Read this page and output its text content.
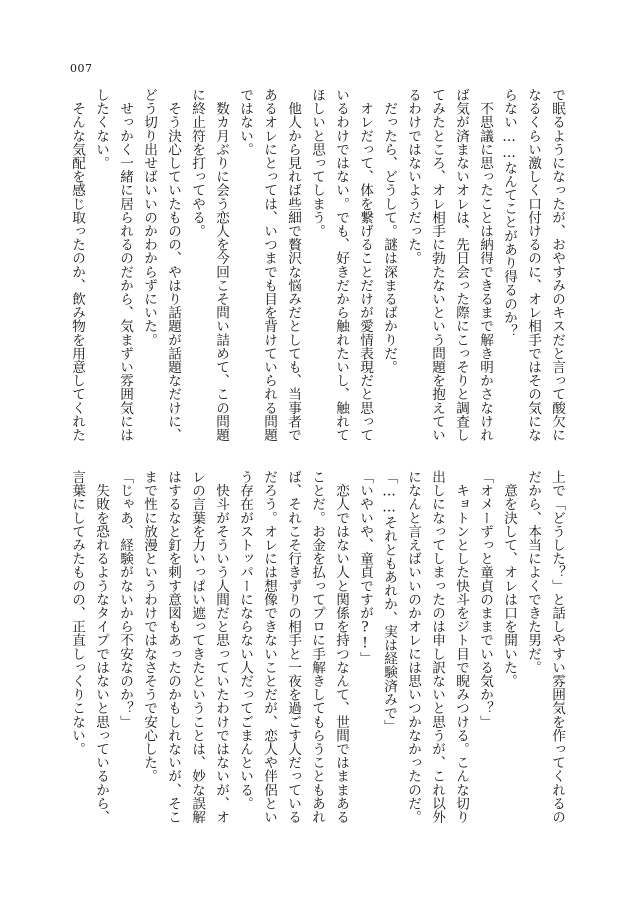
007
で眠るようになったが、おやすみのキスだと言って酸欠に
なるくらい激しく口付けるのに、オレ相手ではその気にな
らない……なんてことがあり得るのか？
　不思議に思ったことは納得できるまで解き明かさなけれ
ば気が済まないオレは、先日会った際にこっそりと調査し
てみたところ、オレ相手に勃たないという問題を抱えてい
るわけではないようだった。
　だったら、どうして。謎は深まるばかりだ。
　オレだって、体を繋げることだけが愛情表現だと思って
いるわけではない。でも、好きだから触れたいし、触れて
ほしいと思ってしまう。
　他人から見れば些細で贅沢な悩みだとしても、当事者で
あるオレにとっては、いつまでも目を背けていられる問題
ではない。
　数カ月ぶりに会う恋人を今回こそ問い詰めて、この問題
に終止符を打ってやる。
　そう決心していたものの、やはり話題が話題なだけに、
どう切り出せばいいのかわからずにいた。
　せっかく一緒に居られるのだから、気まずい雰囲気には
したくない。
　そんな気配を感じ取ったのか、飲み物を用意してくれた
上で「どうした？」と話しやすい雰囲気を作ってくれるの
だから、本当によくできた男だ。
　意を決して、オレは口を開いた。
「オメーずっと童貞のままでいる気か？」
　キョトンとした快斗をジト目で睨みつける。こんな切り
出しになってしまったのは申し訳ないと思うが、これ以外
になんと言えばいいのかオレには思いつかなかったのだ。
「……それともあれか、実は経験済みで」
「いやいや、童貞ですが?!」
　恋人ではない人と関係を持つなんて、世間ではままある
ことだ。お金を払ってプロに手解きしてもらうこともあれ
ば、それこそ行きずりの相手と一夜を過ごす人だっている
だろう。オレには想像できないことだが、恋人や伴侶とい
う存在がストッパーにならない人だってごまんといる。
　快斗がそういう人間だと思っていたわけではないが、オ
レの言葉を力いっぱい遮ってきたということは、妙な誤解
はするなと釘を刺す意図もあったのかもしれないが、そこ
まで性に放漫というわけではなさそうで安心した。
「じゃあ、経験がないから不安なのか？」
　失敗を恐れるようなタイプではないと思っているから、
言葉にしてみたものの、正直しっくりこない。
